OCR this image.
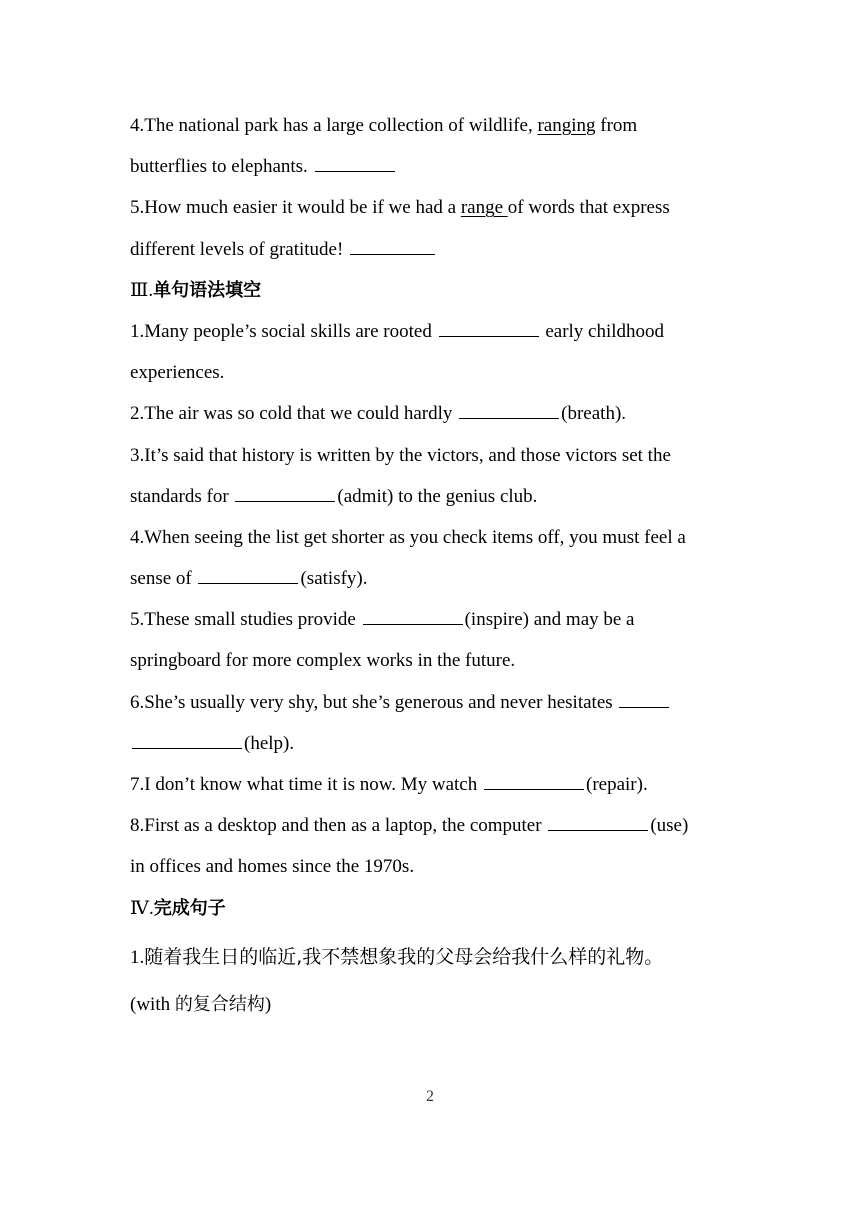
4.The national park has a large collection of wildlife, ranging from
butterflies to elephants.
5.How much easier it would be if we had a range of words that express
different levels of gratitude!
Ⅲ.单句语法填空
1.Many people’s social skills are rooted	early childhood
experiences.
2.The air was so cold that we could hardly	(breath).
3.It’s said that history is written by the victors, and those victors set the
standards for	(admit) to the genius club.
4.When seeing the list get shorter as you check items off, you must feel a
sense of	(satisfy).
5.These small studies provide	(inspire) and may be a
springboard for more complex works in the future.
6.She’s usually very shy, but she’s generous and never hesitates
(help).
7.I don’t know what time it is now. My watch	(repair).
8.First as a desktop and then as a laptop, the computer	(use)
in offices and homes since the 1970s.
Ⅳ.完成句子
1.随着我生日的临近,我不禁想象我的父母会给我什么样的礼物。
(with 的复合结构)
2
